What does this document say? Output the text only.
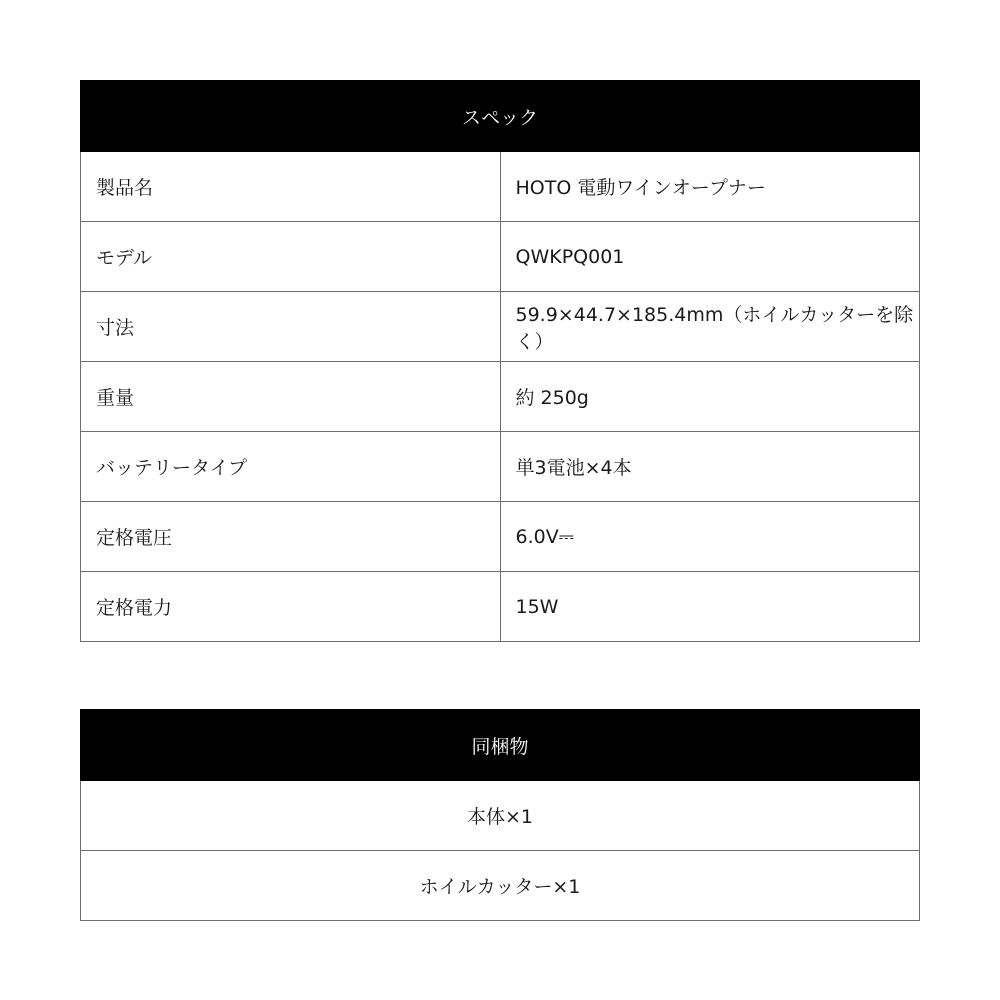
スペック	
製品名	HOTO 電動ワインオープナー
モデル	QWKPQ001
寸法	59.9×44.7×185.4mm（ホイルカッターを除く）
重量	約 250g
バッテリータイプ	単3電池×4本
定格電圧	6.0V⎓
定格電力	15W
同梱物
本体×1
ホイルカッター×1
